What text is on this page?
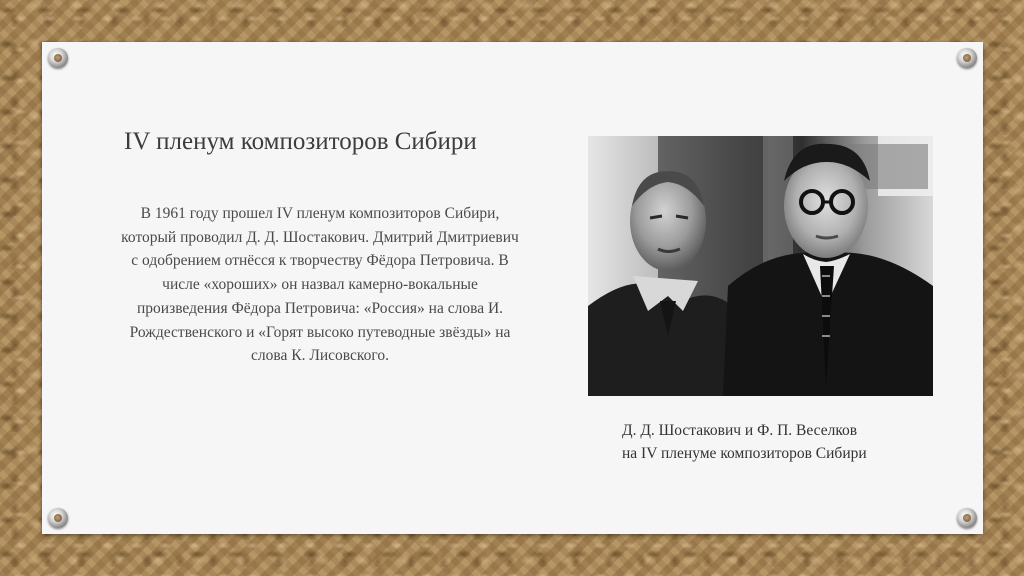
IV пленум композиторов Сибири

В 1961 году прошел IV пленум композиторов Сибири, который проводил Д. Д. Шостакович. Дмитрий Дмитриевич с одобрением отнёсся к творчеству Фёдора Петровича. В числе «хороших» он назвал камерно-вокальные произведения Фёдора Петровича: «Россия» на слова И. Рождественского и «Горят высоко путеводные звёзды» на слова К. Лисовского.

Д. Д. Шостакович и Ф. П. Веселков
на IV пленуме композиторов Сибири
